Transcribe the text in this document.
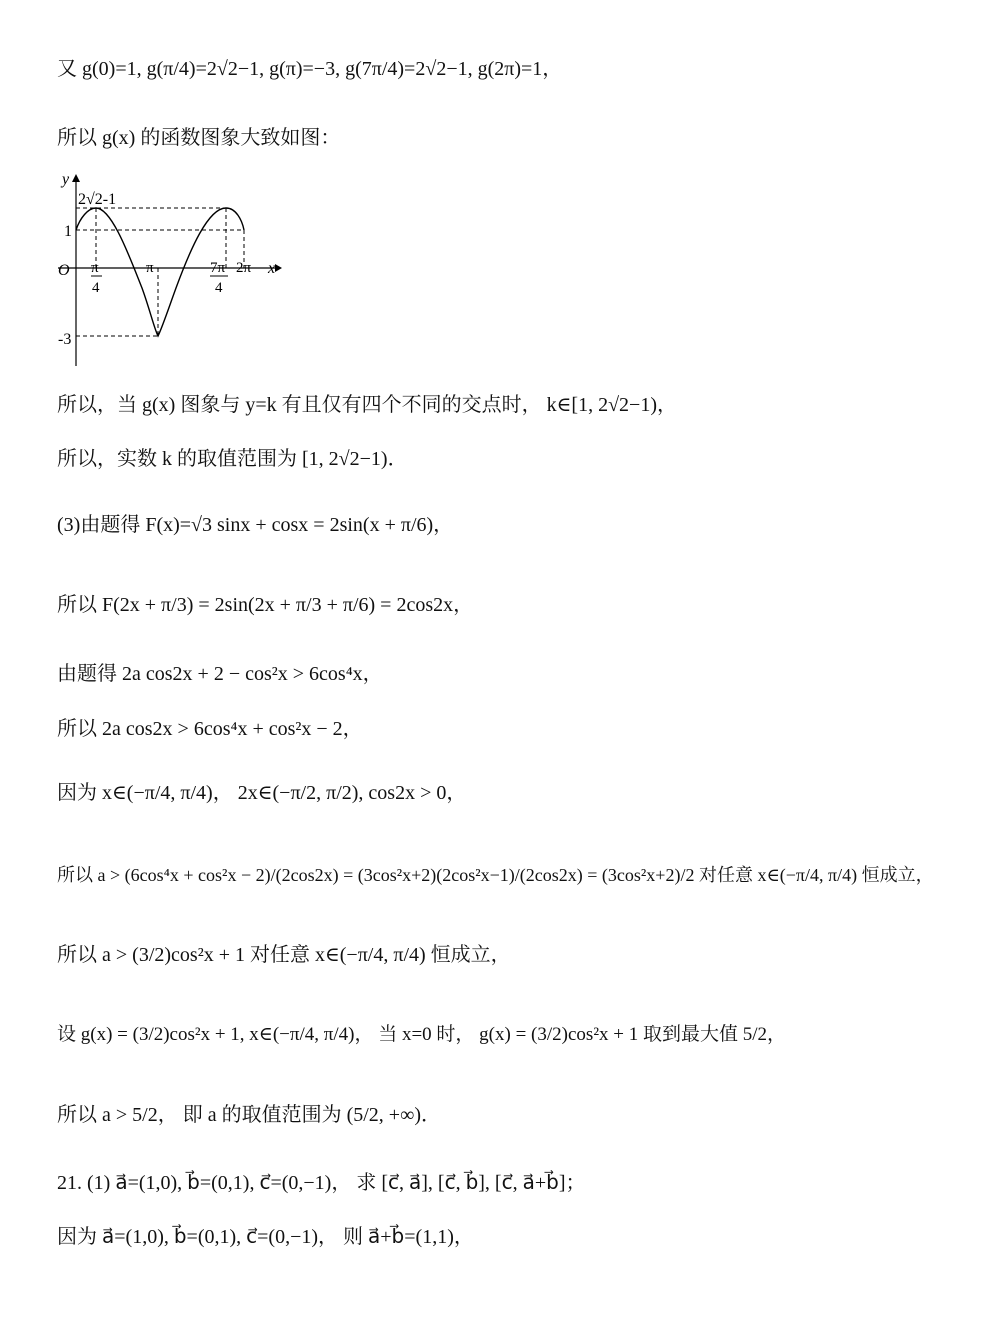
又 g(0)=1, g(π/4)=2√2−1, g(π)=−3, g(7π/4)=2√2−1, g(2π)=1，
所以 g(x) 的函数图象大致如图：
y
x
O
2√2-1
1
-3
π
4
π	7π
4
2π
所以，当 g(x) 图象与 y=k 有且仅有四个不同的交点时， k∈[1, 2√2−1)，
所以，实数 k 的取值范围为 [1, 2√2−1)．
(3)由题得 F(x)=√3 sinx + cosx = 2sin(x + π/6)，
所以 F(2x + π/3) = 2sin(2x + π/3 + π/6) = 2cos2x，
由题得 2a cos2x + 2 − cos²x > 6cos⁴x，
所以 2a cos2x > 6cos⁴x + cos²x − 2，
因为 x∈(−π/4, π/4)， 2x∈(−π/2, π/2), cos2x > 0，
所以 a > (6cos⁴x + cos²x − 2)/(2cos2x) = (3cos²x+2)(2cos²x−1)/(2cos2x) = (3cos²x+2)/2 对任意 x∈(−π/4, π/4) 恒成立，
所以 a > (3/2)cos²x + 1 对任意 x∈(−π/4, π/4) 恒成立，
设 g(x) = (3/2)cos²x + 1, x∈(−π/4, π/4)， 当 x=0 时， g(x) = (3/2)cos²x + 1 取到最大值 5/2，
所以 a > 5/2， 即 a 的取值范围为 (5/2, +∞)．
21. (1) a⃗=(1,0), b⃗=(0,1), c⃗=(0,−1)， 求 [c⃗, a⃗], [c⃗, b⃗], [c⃗, a⃗+b⃗]；
因为 a⃗=(1,0), b⃗=(0,1), c⃗=(0,−1)， 则 a⃗+b⃗=(1,1)，
